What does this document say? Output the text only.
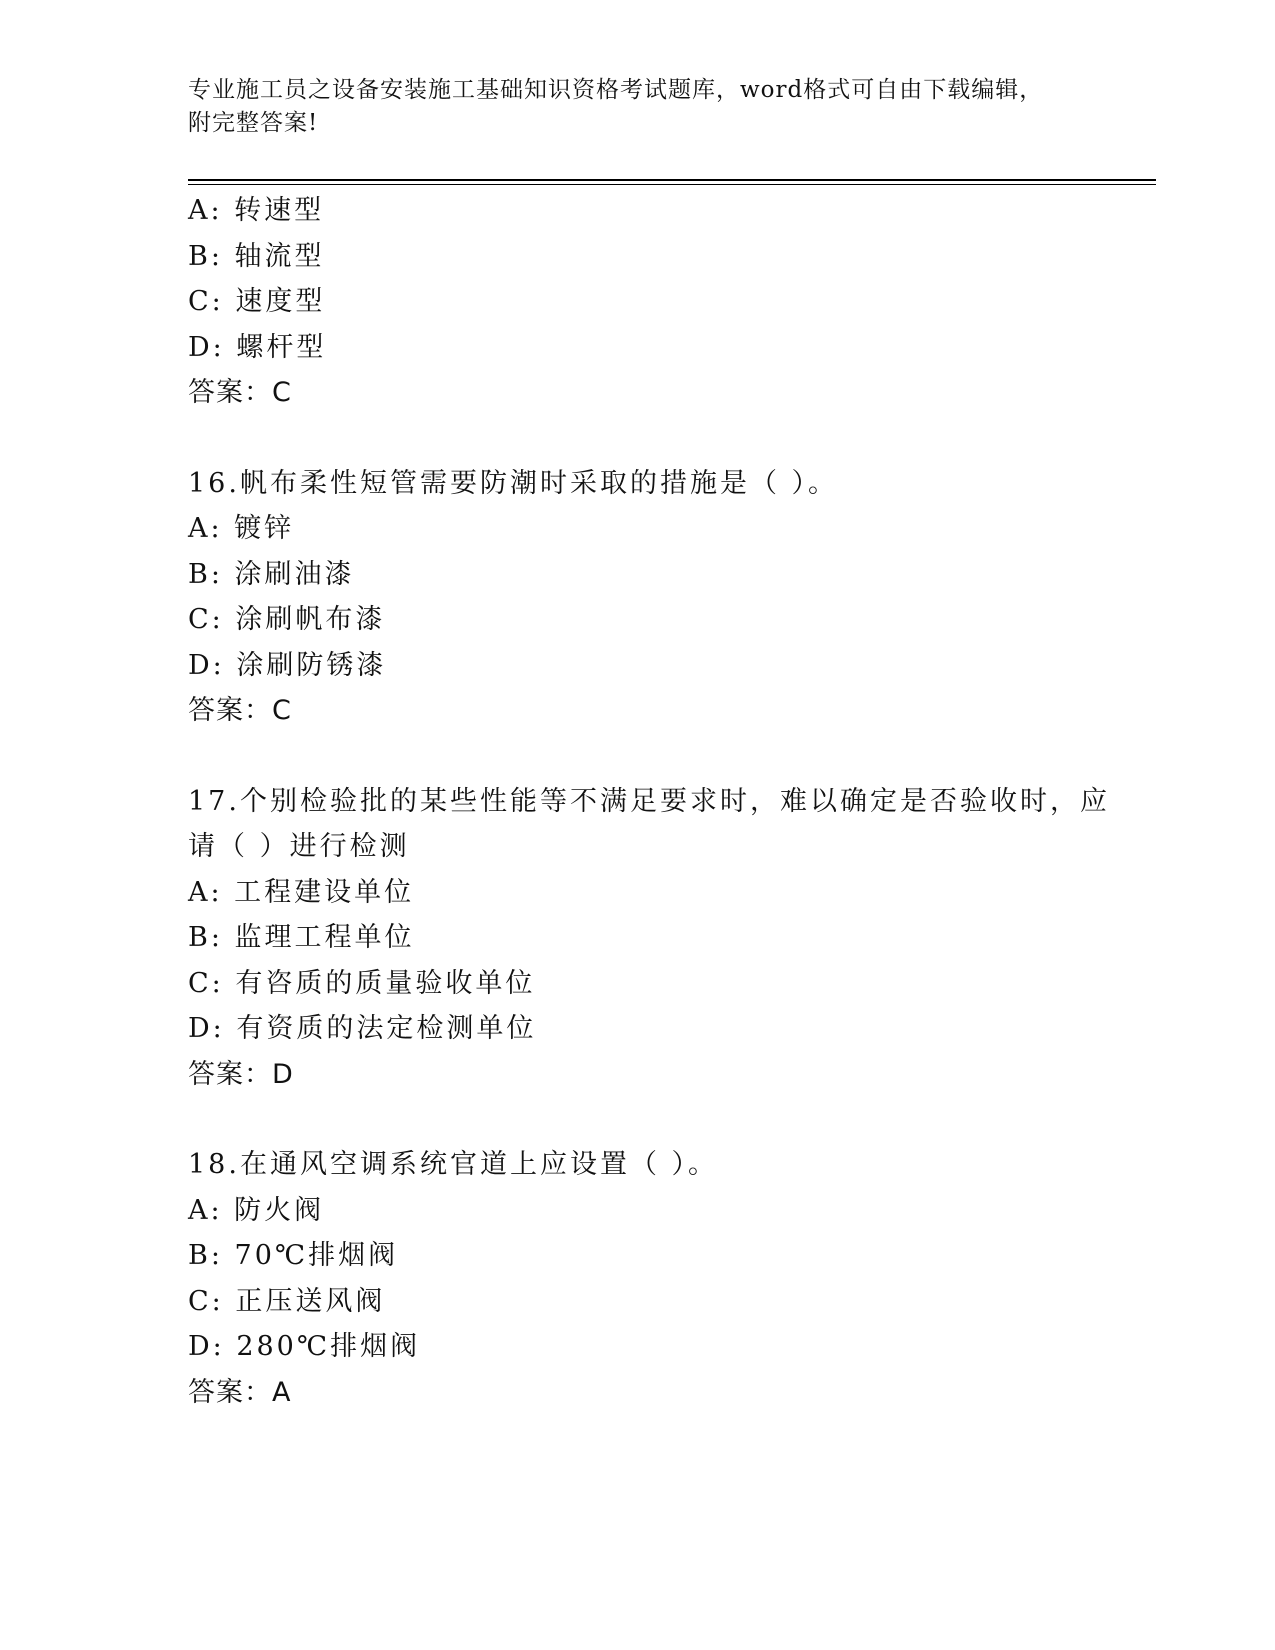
专业施工员之设备安装施工基础知识资格考试题库，word格式可自由下载编辑，
附完整答案!
A: 转速型
B: 轴流型
C: 速度型
D: 螺杆型
答案：C
16.帆布柔性短管需要防潮时采取的措施是（ ）。
A: 镀锌
B: 涂刷油漆
C: 涂刷帆布漆
D: 涂刷防锈漆
答案：C
17.个别检验批的某些性能等不满足要求时，难以确定是否验收时，应
请（ ）进行检测
A: 工程建设单位
B: 监理工程单位
C: 有咨质的质量验收单位
D: 有资质的法定检测单位
答案：D
18.在通风空调系统官道上应设置（ ）。
A: 防火阀
B: 70℃排烟阀
C: 正压送风阀
D: 280℃排烟阀
答案：A
